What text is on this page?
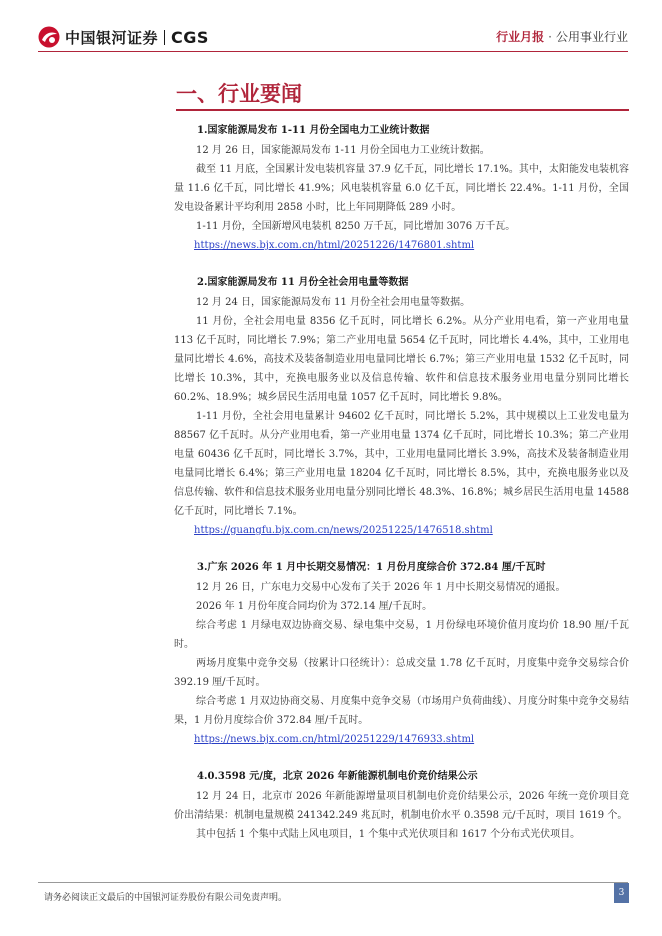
中国银河证券 CGS	行业月报 · 公用事业行业
一、行业要闻
1.国家能源局发布 1-11 月份全国电力工业统计数据

12 月 26 日，国家能源局发布 1-11 月份全国电力工业统计数据。

截至 11 月底，全国累计发电装机容量 37.9 亿千瓦，同比增长 17.1%。其中，太阳能发电装机容量 11.6 亿千瓦，同比增长 41.9%；风电装机容量 6.0 亿千瓦，同比增长 22.4%。1-11 月份，全国发电设备累计平均利用 2858 小时，比上年同期降低 289 小时。

1-11 月份，全国新增风电装机 8250 万千瓦，同比增加 3076 万千瓦。

https://news.bjx.com.cn/html/20251226/1476801.shtml

2.国家能源局发布 11 月份全社会用电量等数据

12 月 24 日，国家能源局发布 11 月份全社会用电量等数据。

11 月份，全社会用电量 8356 亿千瓦时，同比增长 6.2%。从分产业用电看，第一产业用电量 113 亿千瓦时，同比增长 7.9%；第二产业用电量 5654 亿千瓦时，同比增长 4.4%，其中，工业用电量同比增长 4.6%，高技术及装备制造业用电量同比增长 6.7%；第三产业用电量 1532 亿千瓦时，同比增长 10.3%，其中，充换电服务业以及信息传输、软件和信息技术服务业用电量分别同比增长 60.2%、18.9%；城乡居民生活用电量 1057 亿千瓦时，同比增长 9.8%。

1-11 月份，全社会用电量累计 94602 亿千瓦时，同比增长 5.2%，其中规模以上工业发电量为 88567 亿千瓦时。从分产业用电看，第一产业用电量 1374 亿千瓦时，同比增长 10.3%；第二产业用电量 60436 亿千瓦时，同比增长 3.7%，其中，工业用电量同比增长 3.9%，高技术及装备制造业用电量同比增长 6.4%；第三产业用电量 18204 亿千瓦时，同比增长 8.5%，其中，充换电服务业以及信息传输、软件和信息技术服务业用电量分别同比增长 48.3%、16.8%；城乡居民生活用电量 14588 亿千瓦时，同比增长 7.1%。

https://guangfu.bjx.com.cn/news/20251225/1476518.shtml

3.广东 2026 年 1 月中长期交易情况：1 月份月度综合价 372.84 厘/千瓦时

12 月 26 日，广东电力交易中心发布了关于 2026 年 1 月中长期交易情况的通报。

2026 年 1 月份年度合同均价为 372.14 厘/千瓦时。

综合考虑 1 月绿电双边协商交易、绿电集中交易，1 月份绿电环境价值月度均价 18.90 厘/千瓦时。

两场月度集中竞争交易（按累计口径统计）：总成交量 1.78 亿千瓦时，月度集中竞争交易综合价 392.19 厘/千瓦时。

综合考虑 1 月双边协商交易、月度集中竞争交易（市场用户负荷曲线）、月度分时集中竞争交易结果，1 月份月度综合价 372.84 厘/千瓦时。

https://news.bjx.com.cn/html/20251229/1476933.shtml

4.0.3598 元/度，北京 2026 年新能源机制电价竞价结果公示

12 月 24 日，北京市 2026 年新能源增量项目机制电价竞价结果公示，2026 年统一竞价项目竞价出清结果：机制电量规模 241342.249 兆瓦时，机制电价水平 0.3598 元/千瓦时，项目 1619 个。

其中包括 1 个集中式陆上风电项目，1 个集中式光伏项目和 1617 个分布式光伏项目。

请务必阅读正文最后的中国银河证券股份有限公司免责声明。	3
